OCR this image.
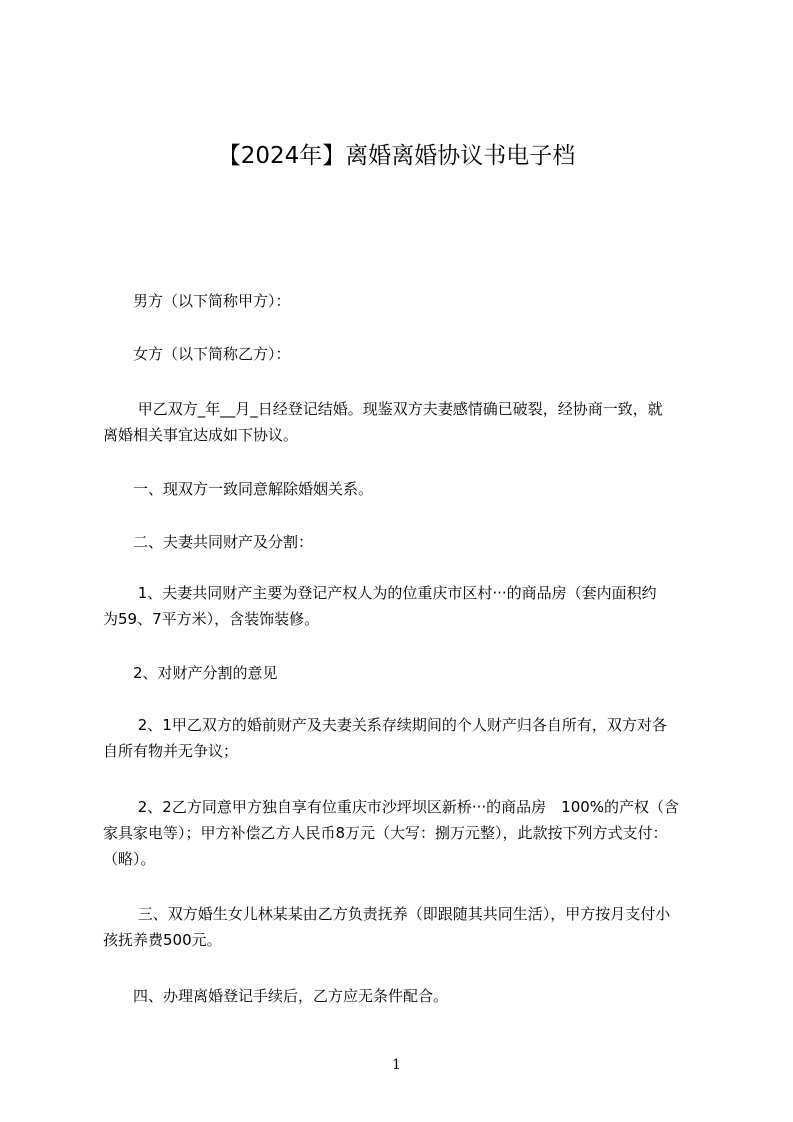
【2024年】离婚离婚协议书电子档

　　男方（以下简称甲方）：

　　女方（以下简称乙方）：

　　 甲乙双方_年__月_日经登记结婚。现鉴双方夫妻感情确已破裂，经协商一致，就
离婚相关事宜达成如下协议。

　　一、现双方一致同意解除婚姻关系。

　　二、夫妻共同财产及分割：

　　 1、夫妻共同财产主要为登记产权人为的位重庆市区村···的商品房（套内面积约
为59、7平方米），含装饰装修。

　　2、对财产分割的意见

　　 2、1甲乙双方的婚前财产及夫妻关系存续期间的个人财产归各自所有，双方对各
自所有物并无争议；

　　 2、2乙方同意甲方独自享有位重庆市沙坪坝区新桥···的商品房　100%的产权（含
家具家电等）；甲方补偿乙方人民币8万元（大写：捌万元整），此款按下列方式支付：
（略）。

　　 三、双方婚生女儿林某某由乙方负责抚养（即跟随其共同生活），甲方按月支付小
孩抚养费500元。

　　四、办理离婚登记手续后，乙方应无条件配合。

1
